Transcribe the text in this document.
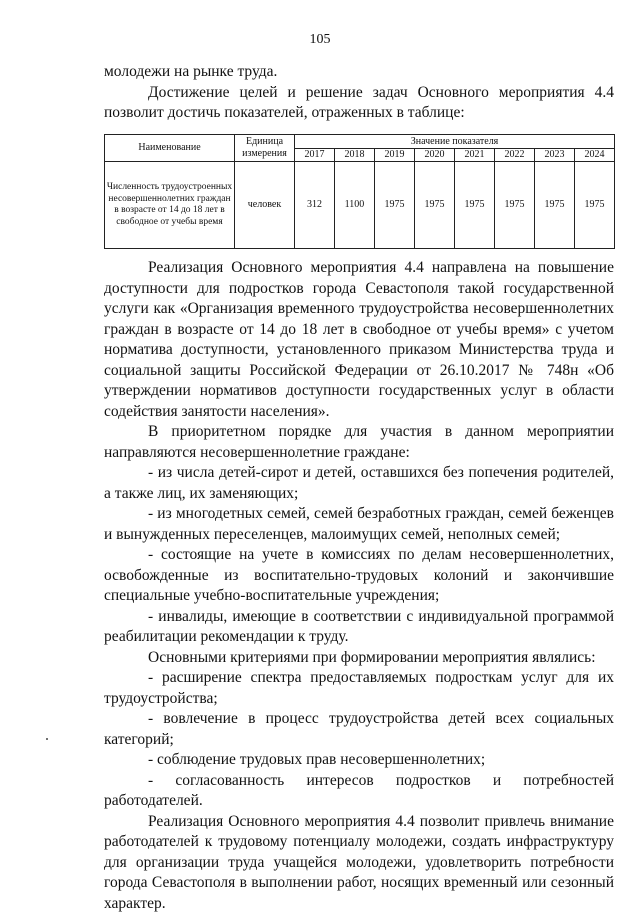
105

молодежи на рынке труда.

Достижение целей и решение задач Основного мероприятия 4.4 позволит достичь показателей, отраженных в таблице:

Наименование	Единица измерения	Значение показателя							
		2017	2018	2019	2020	2021	2022	2023	2024
Численность трудоустроенных несовершеннолетних граждан в возрасте от 14 до 18 лет в свободное от учебы время	человек	312	1100	1975	1975	1975	1975	1975	1975

Реализация Основного мероприятия 4.4 направлена на повышение доступности для подростков города Севастополя такой государственной услуги как «Организация временного трудоустройства несовершеннолетних граждан в возрасте от 14 до 18 лет в свободное от учебы время» с учетом норматива доступности, установленного приказом Министерства труда и социальной защиты Российской Федерации от 26.10.2017 № 748н «Об утверждении нормативов доступности государственных услуг в области содействия занятости населения».

В приоритетном порядке для участия в данном мероприятии направляются несовершеннолетние граждане:

- из числа детей-сирот и детей, оставшихся без попечения родителей, а также лиц, их заменяющих;

- из многодетных семей, семей безработных граждан, семей беженцев и вынужденных переселенцев, малоимущих семей, неполных семей;

- состоящие на учете в комиссиях по делам несовершеннолетних, освобожденные из воспитательно-трудовых колоний и закончившие специальные учебно-воспитательные учреждения;

- инвалиды, имеющие в соответствии с индивидуальной программой реабилитации рекомендации к труду.

Основными критериями при формировании мероприятия являлись:

- расширение спектра предоставляемых подросткам услуг для их трудоустройства;

- вовлечение в процесс трудоустройства детей всех социальных категорий;

- соблюдение трудовых прав несовершеннолетних;

- согласованность интересов подростков и потребностей работодателей.

Реализация Основного мероприятия 4.4 позволит привлечь внимание работодателей к трудовому потенциалу молодежи, создать инфраструктуру для организации труда учащейся молодежи, удовлетворить потребности города Севастополя в выполнении работ, носящих временный или сезонный характер.
